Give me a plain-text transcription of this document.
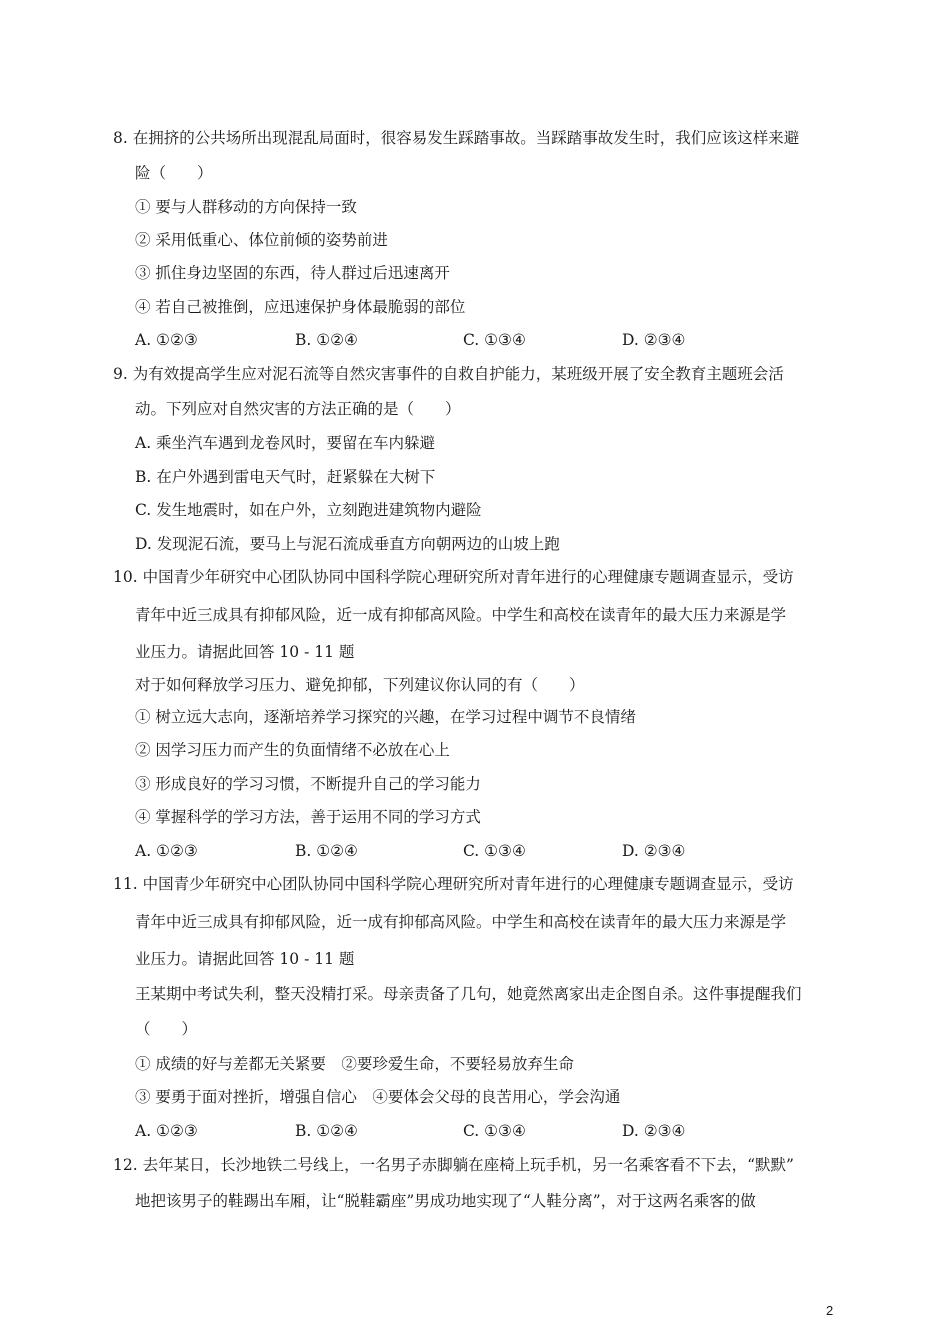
8. 在拥挤的公共场所出现混乱局面时，很容易发生踩踏事故。当踩踏事故发生时，我们应该这样来避
险（　　）
① 要与人群移动的方向保持一致
② 采用低重心、体位前倾的姿势前进
③ 抓住身边坚固的东西，待人群过后迅速离开
④ 若自己被推倒，应迅速保护身体最脆弱的部位
A. ①②③	B. ①②④	C. ①③④	D. ②③④
9. 为有效提高学生应对泥石流等自然灾害事件的自救自护能力，某班级开展了安全教育主题班会活
动。下列应对自然灾害的方法正确的是（　　）
A. 乘坐汽车遇到龙卷风时，要留在车内躲避
B. 在户外遇到雷电天气时，赶紧躲在大树下
C. 发生地震时，如在户外，立刻跑进建筑物内避险
D. 发现泥石流，要马上与泥石流成垂直方向朝两边的山坡上跑
10. 中国青少年研究中心团队协同中国科学院心理研究所对青年进行的心理健康专题调查显示，受访
青年中近三成具有抑郁风险，近一成有抑郁高风险。中学生和高校在读青年的最大压力来源是学
业压力。请据此回答 10 - 11 题
对于如何释放学习压力、避免抑郁，下列建议你认同的有（　　）
① 树立远大志向，逐渐培养学习探究的兴趣，在学习过程中调节不良情绪
② 因学习压力而产生的负面情绪不必放在心上
③ 形成良好的学习习惯，不断提升自己的学习能力
④ 掌握科学的学习方法，善于运用不同的学习方式
A. ①②③	B. ①②④	C. ①③④	D. ②③④
11. 中国青少年研究中心团队协同中国科学院心理研究所对青年进行的心理健康专题调查显示，受访
青年中近三成具有抑郁风险，近一成有抑郁高风险。中学生和高校在读青年的最大压力来源是学
业压力。请据此回答 10 - 11 题
王某期中考试失利，整天没精打采。母亲责备了几句，她竟然离家出走企图自杀。这件事提醒我们
（　　）
① 成绩的好与差都无关紧要　②要珍爱生命，不要轻易放弃生命
③ 要勇于面对挫折，增强自信心　④要体会父母的良苦用心，学会沟通
A. ①②③	B. ①②④	C. ①③④	D. ②③④
12. 去年某日，长沙地铁二号线上，一名男子赤脚躺在座椅上玩手机，另一名乘客看不下去，“默默”
地把该男子的鞋踢出车厢，让“脱鞋霸座”男成功地实现了“人鞋分离”，对于这两名乘客的做
2
